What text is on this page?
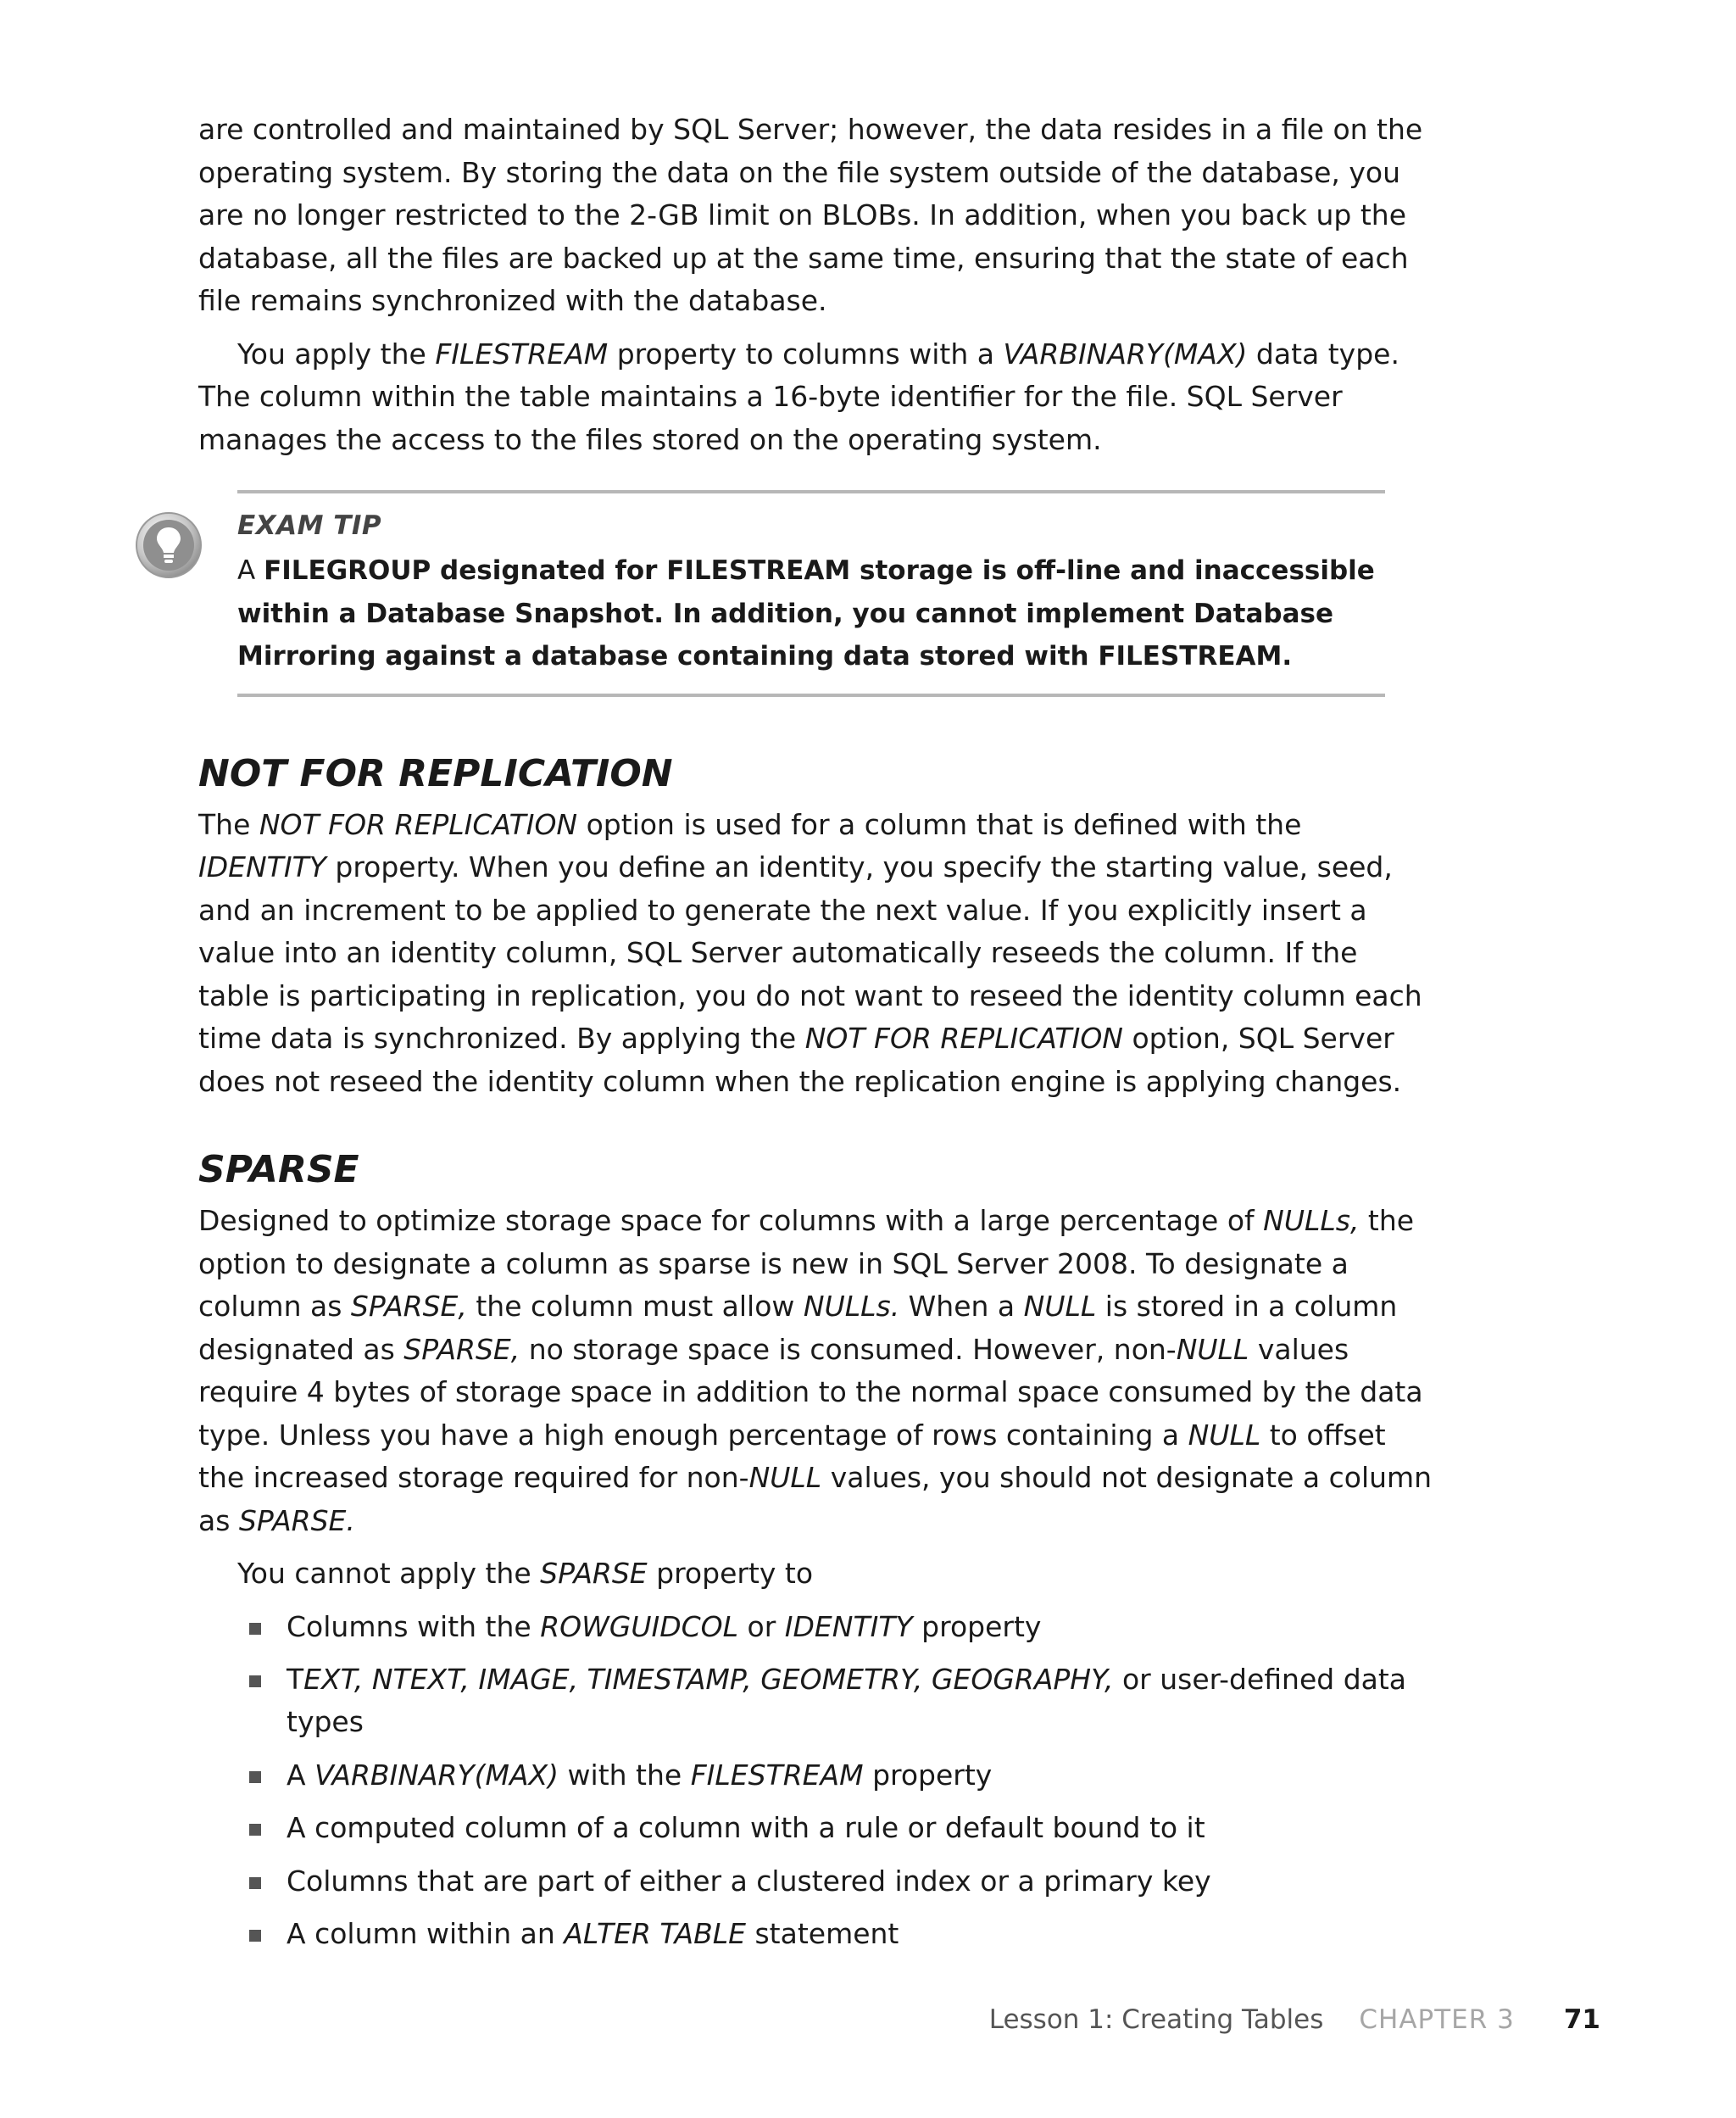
are controlled and maintained by SQL Server; however, the data resides in a file on the operating system. By storing the data on the file system outside of the database, you are no longer restricted to the 2-GB limit on BLOBs. In addition, when you back up the database, all the files are backed up at the same time, ensuring that the state of each file remains synchronized with the database.

You apply the FILESTREAM property to columns with a VARBINARY(MAX) data type. The column within the table maintains a 16-byte identifier for the file. SQL Server manages the access to the files stored on the operating system.

EXAM TIP
A FILEGROUP designated for FILESTREAM storage is off-line and inaccessible within a Database Snapshot. In addition, you cannot implement Database Mirroring against a database containing data stored with FILESTREAM.
NOT FOR REPLICATION

The NOT FOR REPLICATION option is used for a column that is defined with the IDENTITY property. When you define an identity, you specify the starting value, seed, and an increment to be applied to generate the next value. If you explicitly insert a value into an identity column, SQL Server automatically reseeds the column. If the table is participating in replication, you do not want to reseed the identity column each time data is synchronized. By applying the NOT FOR REPLICATION option, SQL Server does not reseed the identity column when the replication engine is applying changes.

SPARSE

Designed to optimize storage space for columns with a large percentage of NULLs, the option to designate a column as sparse is new in SQL Server 2008. To designate a column as SPARSE, the column must allow NULLs. When a NULL is stored in a column designated as SPARSE, no storage space is consumed. However, non-NULL values require 4 bytes of storage space in addition to the normal space consumed by the data type. Unless you have a high enough percentage of rows containing a NULL to offset the increased storage required for non-NULL values, you should not designate a column as SPARSE.

You cannot apply the SPARSE property to

Columns with the ROWGUIDCOL or IDENTITY property
TEXT, NTEXT, IMAGE, TIMESTAMP, GEOMETRY, GEOGRAPHY, or user-defined data types
A VARBINARY(MAX) with the FILESTREAM property
A computed column of a column with a rule or default bound to it
Columns that are part of either a clustered index or a primary key
A column within an ALTER TABLE statement
Lesson 1: Creating Tables CHAPTER 3 71
